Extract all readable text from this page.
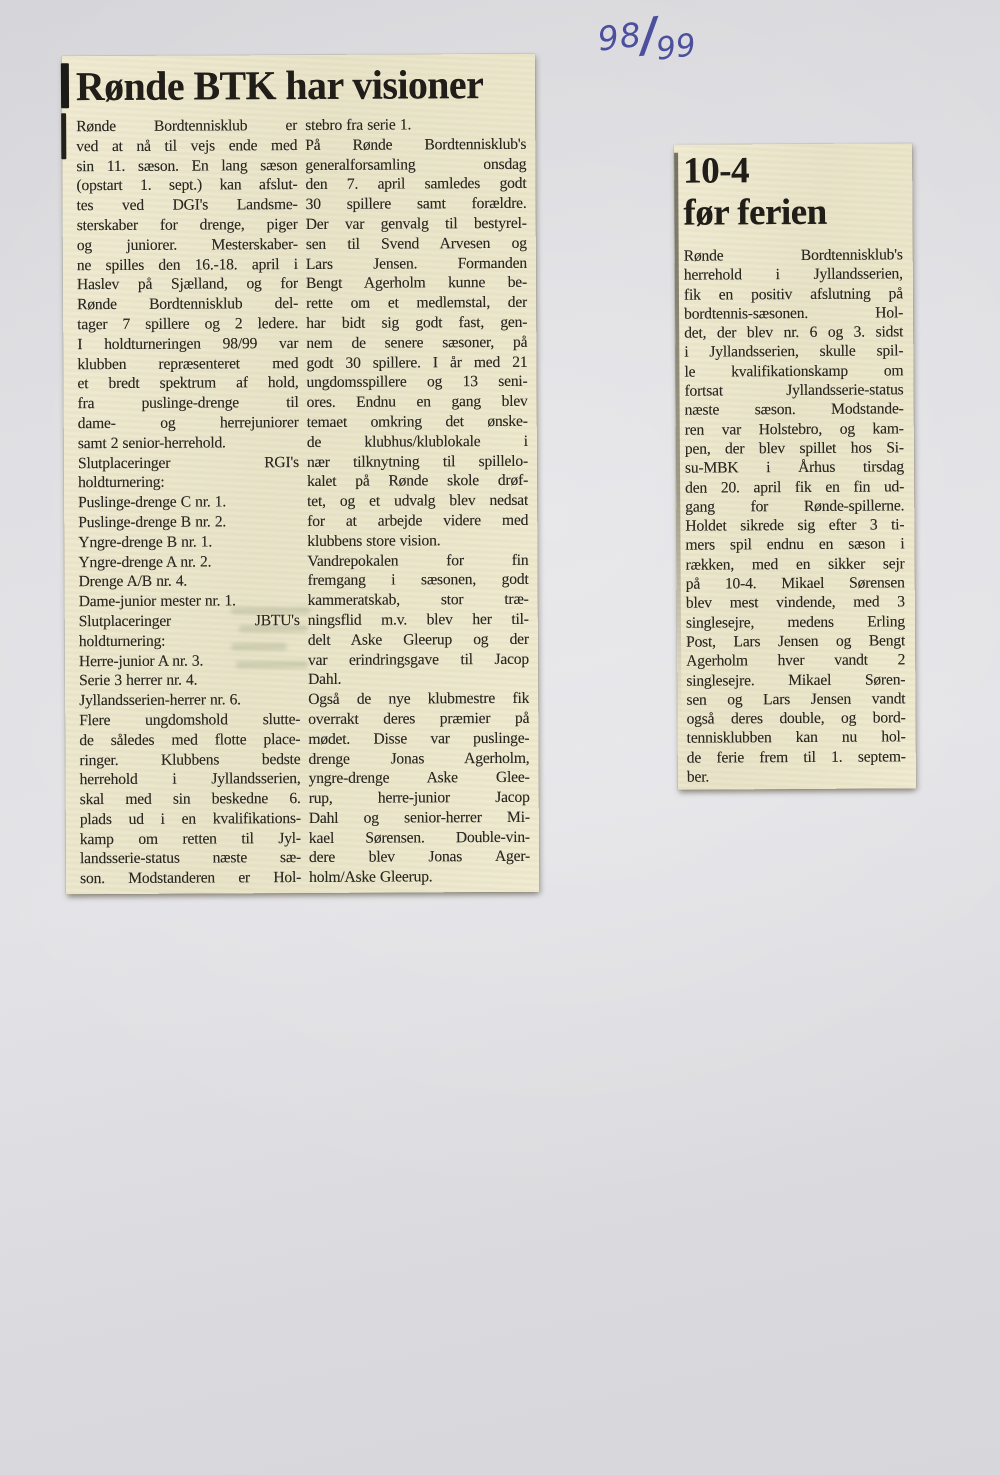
98/99
Rønde BTK har visioner
Rønde Bordtennisklub er
ved at nå til vejs ende med
sin 11. sæson. En lang sæson
(opstart 1. sept.) kan afslut-
tes ved DGI's Landsme-
sterskaber for drenge, piger
og juniorer. Mesterskaber-
ne spilles den 16.-18. april i
Haslev på Sjælland, og for
Rønde Bordtennisklub del-
tager 7 spillere og 2 ledere.
I holdturneringen 98/99 var
klubben repræsenteret med
et bredt spektrum af hold,
fra puslinge-drenge til
dame- og herrejuniorer
samt 2 senior-herrehold.
Slutplaceringer RGI's
holdturnering:
Puslinge-drenge C nr. 1.
Puslinge-drenge B nr. 2.
Yngre-drenge B nr. 1.
Yngre-drenge A nr. 2.
Drenge A/B nr. 4.
Dame-junior mester nr. 1.
Slutplaceringer JBTU's
holdturnering:
Herre-junior A nr. 3.
Serie 3 herrer nr. 4.
Jyllandsserien-herrer nr. 6.
Flere ungdomshold slutte-
de således med flotte place-
ringer. Klubbens bedste
herrehold i Jyllandsserien,
skal med sin beskedne 6.
plads ud i en kvalifikations-
kamp om retten til Jyl-
landsserie-status næste sæ-
son. Modstanderen er Hol-
stebro fra serie 1.
På Rønde Bordtennisklub's
generalforsamling onsdag
den 7. april samledes godt
30 spillere samt forældre.
Der var genvalg til bestyrel-
sen til Svend Arvesen og
Lars Jensen. Formanden
Bengt Agerholm kunne be-
rette om et medlemstal, der
har bidt sig godt fast, gen-
nem de senere sæsoner, på
godt 30 spillere. I år med 21
ungdomsspillere og 13 seni-
ores. Endnu en gang blev
temaet omkring det ønske-
de klubhus/klublokale i
nær tilknytning til spillelo-
kalet på Rønde skole drøf-
tet, og et udvalg blev nedsat
for at arbejde videre med
klubbens store vision.
Vandrepokalen for fin
fremgang i sæsonen, godt
kammeratskab, stor træ-
ningsflid m.v. blev her til-
delt Aske Gleerup og der
var erindringsgave til Jacop
Dahl.
Også de nye klubmestre fik
overrakt deres præmier på
mødet. Disse var puslinge-
drenge Jonas Agerholm,
yngre-drenge Aske Glee-
rup, herre-junior Jacop
Dahl og senior-herrer Mi-
kael Sørensen. Double-vin-
dere blev Jonas Ager-
holm/Aske Gleerup.
10-4
før ferien
Rønde Bordtennisklub's
herrehold i Jyllandsserien,
fik en positiv afslutning på
bordtennis-sæsonen. Hol-
det, der blev nr. 6 og 3. sidst
i Jyllandsserien, skulle spil-
le kvalifikationskamp om
fortsat Jyllandsserie-status
næste sæson. Modstande-
ren var Holstebro, og kam-
pen, der blev spillet hos Si-
su-MBK i Århus tirsdag
den 20. april fik en fin ud-
gang for Rønde-spillerne.
Holdet sikrede sig efter 3 ti-
mers spil endnu en sæson i
rækken, med en sikker sejr
på 10-4. Mikael Sørensen
blev mest vindende, med 3
singlesejre, medens Erling
Post, Lars Jensen og Bengt
Agerholm hver vandt 2
singlesejre. Mikael Søren-
sen og Lars Jensen vandt
også deres double, og bord-
tennisklubben kan nu hol-
de ferie frem til 1. septem-
ber.
